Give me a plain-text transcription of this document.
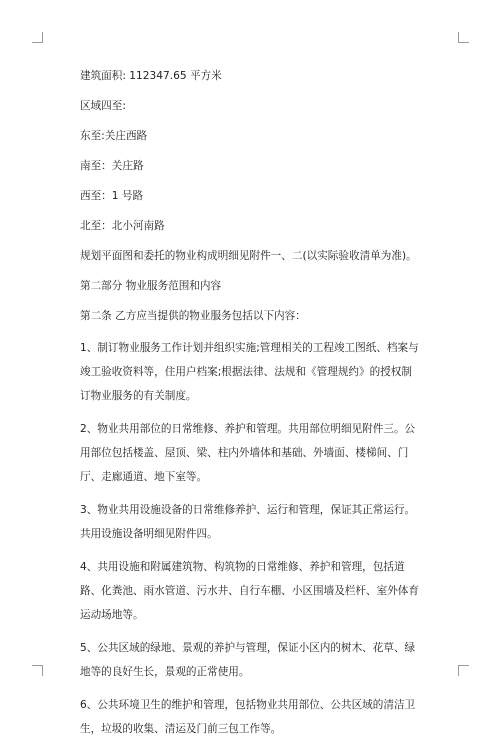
建筑面积: 112347.65 平方米

区域四至:

东至:关庄西路

南至：关庄路

西至：1 号路

北至：北小河南路

规划平面图和委托的物业构成明细见附件一、二(以实际验收清单为准)。

第二部分 物业服务范围和内容

第二条 乙方应当提供的物业服务包括以下内容：

1、制订物业服务工作计划并组织实施;管理相关的工程竣工图纸、档案与竣工验收资料等，住用户档案;根据法律、法规和《管理规约》的授权制订物业服务的有关制度。

2、物业共用部位的日常维修、养护和管理。共用部位明细见附件三。公用部位包括楼盖、屋顶、梁、柱内外墙体和基础、外墙面、楼梯间、门厅、走廊通道、地下室等。

3、物业共用设施设备的日常维修养护、运行和管理，保证其正常运行。共用设施设备明细见附件四。

4、共用设施和附属建筑物、构筑物的日常维修、养护和管理，包括道路、化粪池、雨水管道、污水井、自行车棚、小区围墙及栏杆、室外体育运动场地等。

5、公共区域的绿地、景观的养护与管理，保证小区内的树木、花草、绿地等的良好生长，景观的正常使用。

6、公共环境卫生的维护和管理，包括物业共用部位、公共区域的清洁卫生，垃圾的收集、清运及门前三包工作等。
